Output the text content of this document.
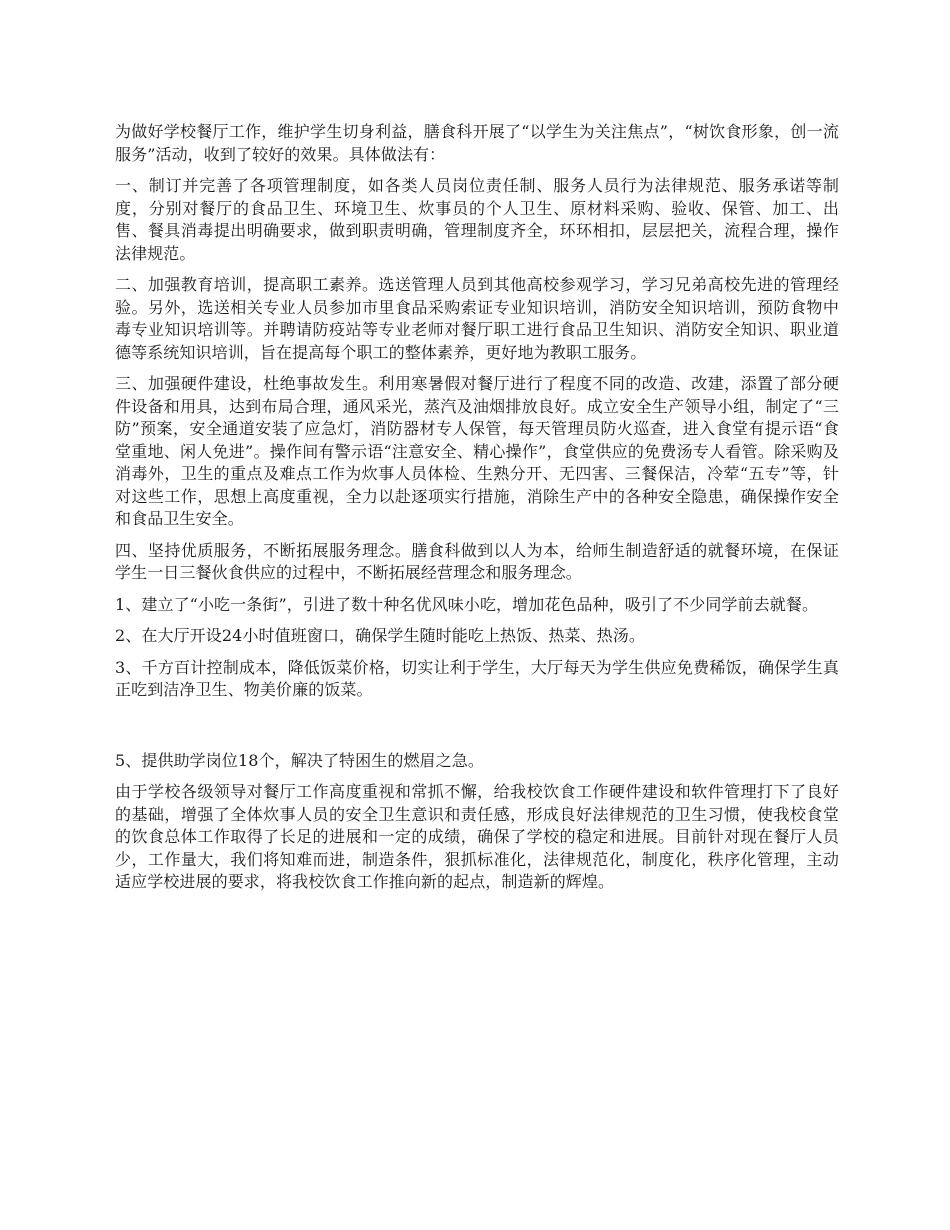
为做好学校餐厅工作，维护学生切身利益，膳食科开展了“以学生为关注焦点”，“树饮食形象，创一流服务”活动，收到了较好的效果。具体做法有：

一、制订并完善了各项管理制度，如各类人员岗位责任制、服务人员行为法律规范、服务承诺等制度，分别对餐厅的食品卫生、环境卫生、炊事员的个人卫生、原材料采购、验收、保管、加工、出售、餐具消毒提出明确要求，做到职责明确，管理制度齐全，环环相扣，层层把关，流程合理，操作法律规范。

二、加强教育培训，提高职工素养。选送管理人员到其他高校参观学习，学习兄弟高校先进的管理经验。另外，选送相关专业人员参加市里食品采购索证专业知识培训，消防安全知识培训，预防食物中毒专业知识培训等。并聘请防疫站等专业老师对餐厅职工进行食品卫生知识、消防安全知识、职业道德等系统知识培训，旨在提高每个职工的整体素养，更好地为教职工服务。

三、加强硬件建设，杜绝事故发生。利用寒暑假对餐厅进行了程度不同的改造、改建，添置了部分硬件设备和用具，达到布局合理，通风采光，蒸汽及油烟排放良好。成立安全生产领导小组，制定了“三防”预案，安全通道安装了应急灯，消防器材专人保管，每天管理员防火巡查，进入食堂有提示语“食堂重地、闲人免进”。操作间有警示语“注意安全、精心操作”，食堂供应的免费汤专人看管。除采购及消毒外，卫生的重点及难点工作为炊事人员体检、生熟分开、无四害、三餐保洁，冷荤“五专”等，针对这些工作，思想上高度重视，全力以赴逐项实行措施，消除生产中的各种安全隐患，确保操作安全和食品卫生安全。

四、坚持优质服务，不断拓展服务理念。膳食科做到以人为本，给师生制造舒适的就餐环境，在保证学生一日三餐伙食供应的过程中，不断拓展经营理念和服务理念。

1、建立了“小吃一条街”，引进了数十种名优风味小吃，增加花色品种，吸引了不少同学前去就餐。

2、在大厅开设24小时值班窗口，确保学生随时能吃上热饭、热菜、热汤。

3、千方百计控制成本，降低饭菜价格，切实让利于学生，大厅每天为学生供应免费稀饭，确保学生真正吃到洁净卫生、物美价廉的饭菜。

5、提供助学岗位18个，解决了特困生的燃眉之急。

由于学校各级领导对餐厅工作高度重视和常抓不懈，给我校饮食工作硬件建设和软件管理打下了良好的基础，增强了全体炊事人员的安全卫生意识和责任感，形成良好法律规范的卫生习惯，使我校食堂的饮食总体工作取得了长足的进展和一定的成绩，确保了学校的稳定和进展。目前针对现在餐厅人员少，工作量大，我们将知难而进，制造条件，狠抓标准化，法律规范化，制度化，秩序化管理，主动适应学校进展的要求，将我校饮食工作推向新的起点，制造新的辉煌。
